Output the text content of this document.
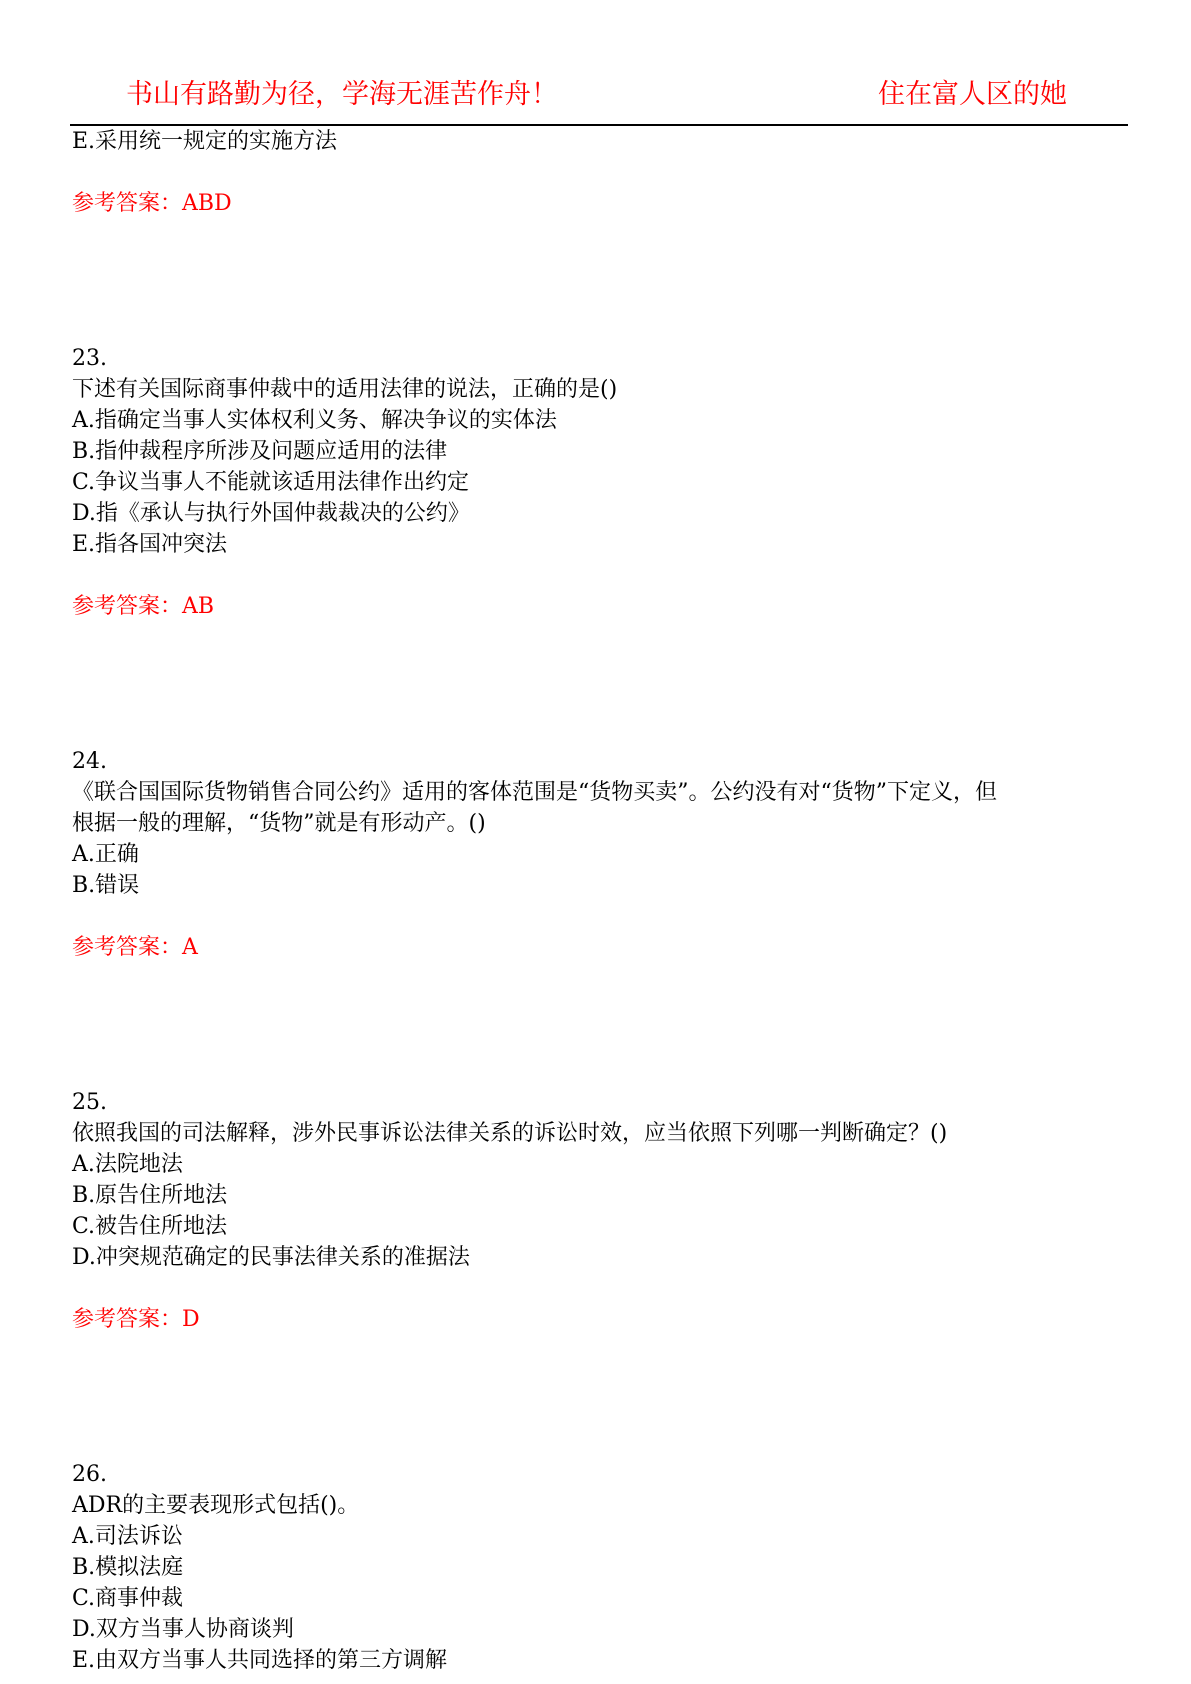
书山有路勤为径，学海无涯苦作舟！	住在富人区的她
E.采用统一规定的实施方法
参考答案：ABD
23.
下述有关国际商事仲裁中的适用法律的说法，正确的是()
A.指确定当事人实体权利义务、解决争议的实体法
B.指仲裁程序所涉及问题应适用的法律
C.争议当事人不能就该适用法律作出约定
D.指《承认与执行外国仲裁裁决的公约》
E.指各国冲突法
参考答案：AB
24.
《联合国国际货物销售合同公约》适用的客体范围是“货物买卖”。公约没有对“货物”下定义，但
根据一般的理解，“货物”就是有形动产。()
A.正确
B.错误
参考答案：A
25.
依照我国的司法解释，涉外民事诉讼法律关系的诉讼时效，应当依照下列哪一判断确定？()
A.法院地法
B.原告住所地法
C.被告住所地法
D.冲突规范确定的民事法律关系的准据法
参考答案：D
26.
ADR的主要表现形式包括()。
A.司法诉讼
B.模拟法庭
C.商事仲裁
D.双方当事人协商谈判
E.由双方当事人共同选择的第三方调解
